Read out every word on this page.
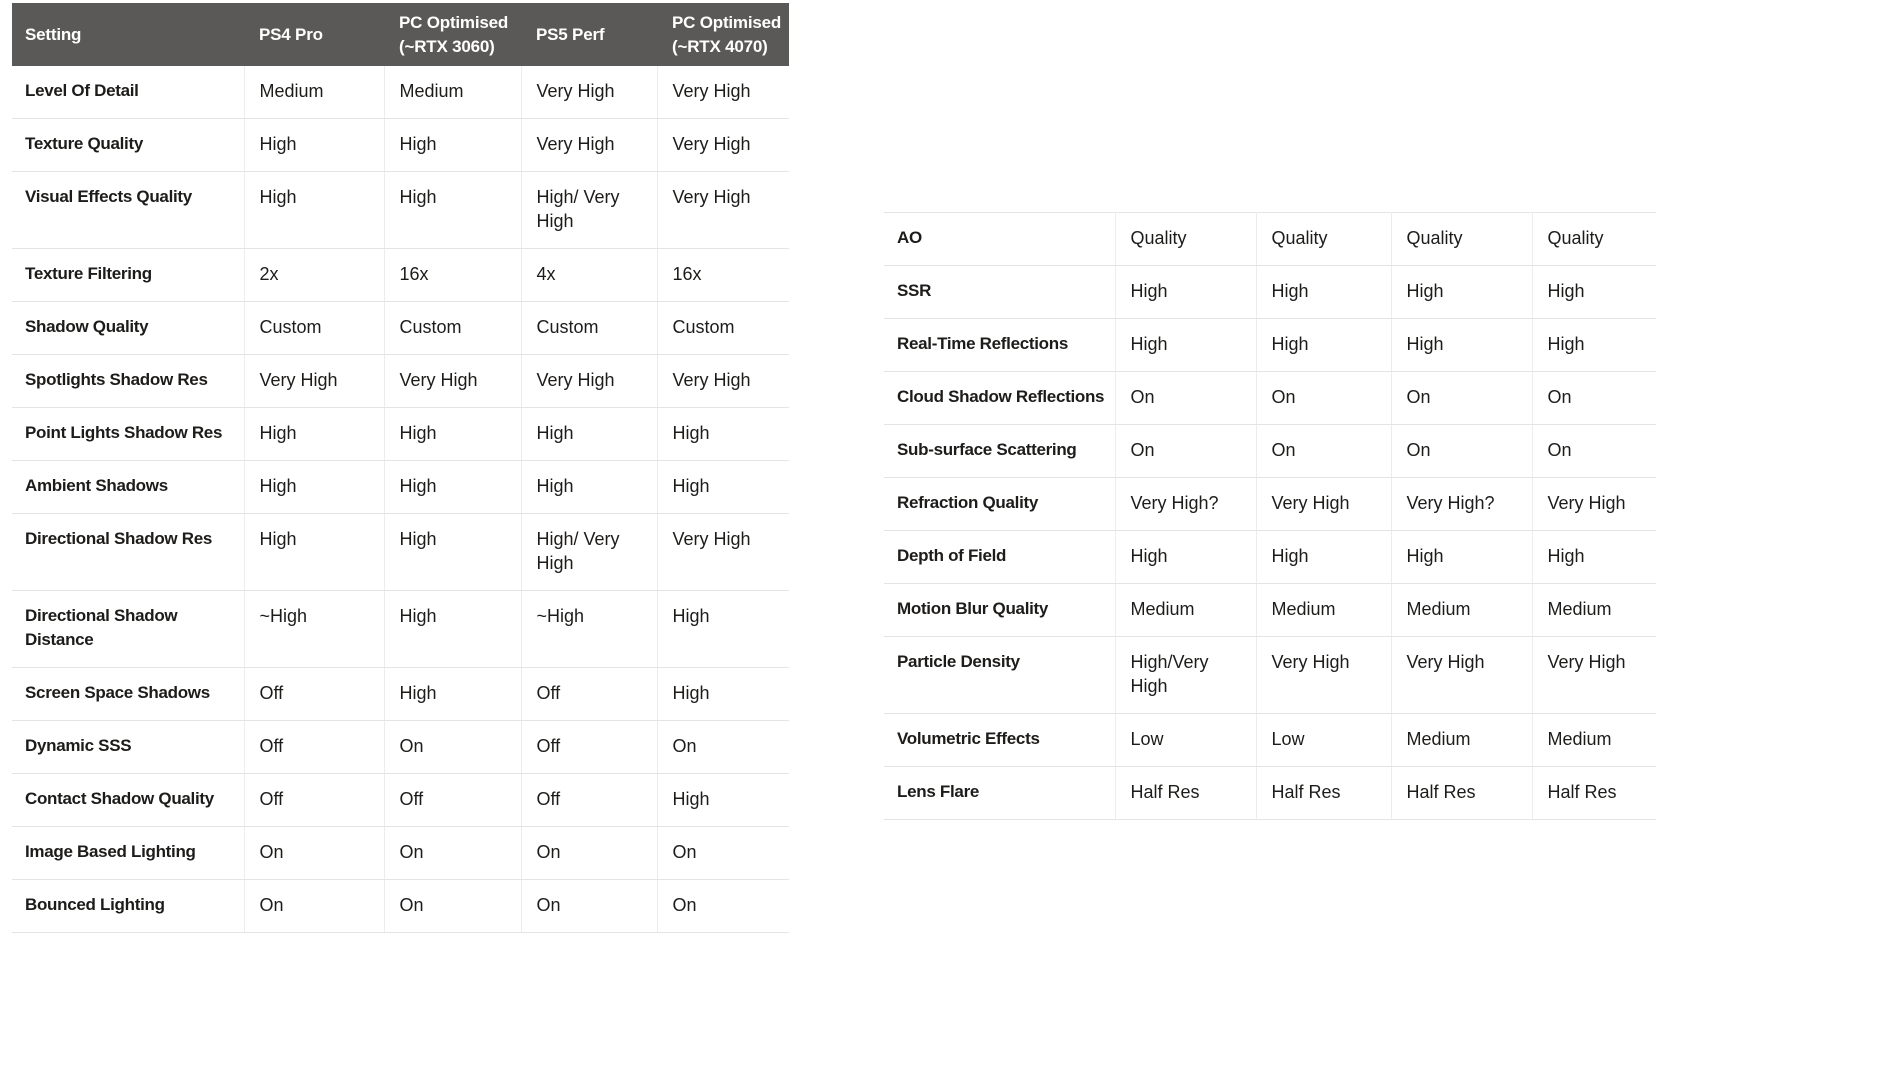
Setting	PS4 Pro	PC Optimised (~RTX 3060)	PS5 Perf	PC Optimised (~RTX 4070)
Level Of Detail	Medium	Medium	Very High	Very High
Texture Quality	High	High	Very High	Very High
Visual Effects Quality	High	High	High/ Very High	Very High
Texture Filtering	2x	16x	4x	16x
Shadow Quality	Custom	Custom	Custom	Custom
Spotlights Shadow Res	Very High	Very High	Very High	Very High
Point Lights Shadow Res	High	High	High	High
Ambient Shadows	High	High	High	High
Directional Shadow Res	High	High	High/ Very High	Very High
Directional Shadow Distance	~High	High	~High	High
Screen Space Shadows	Off	High	Off	High
Dynamic SSS	Off	On	Off	On
Contact Shadow Quality	Off	Off	Off	High
Image Based Lighting	On	On	On	On
Bounced Lighting	On	On	On	On
AO	Quality	Quality	Quality	Quality
SSR	High	High	High	High
Real-Time Reflections	High	High	High	High
Cloud Shadow Reflections	On	On	On	On
Sub-surface Scattering	On	On	On	On
Refraction Quality	Very High?	Very High	Very High?	Very High
Depth of Field	High	High	High	High
Motion Blur Quality	Medium	Medium	Medium	Medium
Particle Density	High/Very High	Very High	Very High	Very High
Volumetric Effects	Low	Low	Medium	Medium
Lens Flare	Half Res	Half Res	Half Res	Half Res
